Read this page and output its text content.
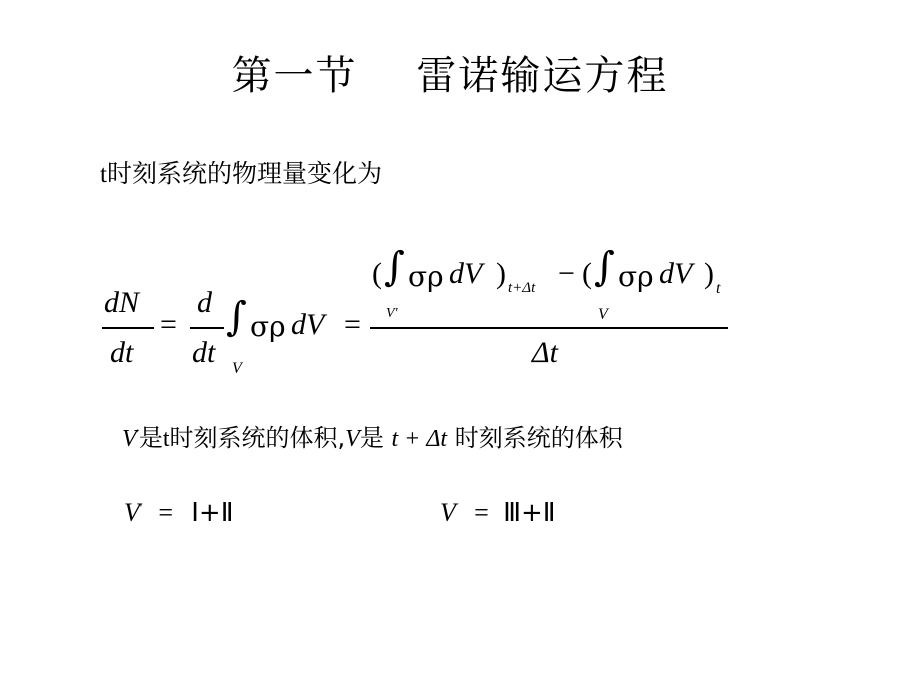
第一节    雷诺输运方程
t时刻系统的物理量变化为
dN
dt
=
d
dt
∫
V
σρ dV =
( ∫
V'
σρ dV ) t+Δt − ( ∫
V
σρ dV ) t
Δt
V'是t时刻系统的体积,V是 t + Δt 时刻系统的体积
V' = Ⅰ+Ⅱ	V = Ⅲ+Ⅱ
